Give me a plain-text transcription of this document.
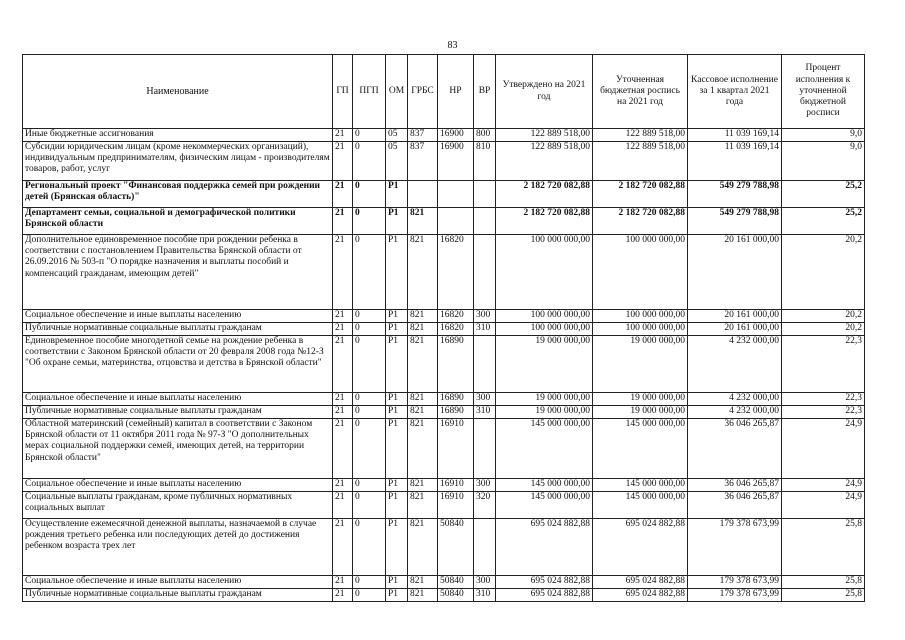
83
Наименование	ГП	ПГП	ОМ	ГРБС	НР	ВР	Утверждено на 2021 год	Уточненная бюджетная роспись на 2021 год	Кассовое исполнение за 1 квартал 2021 года	Процент исполнения к уточненной бюджетной росписи
Иные бюджетные ассигнования	21	0	05	837	16900	800	122 889 518,00	122 889 518,00	11 039 169,14	9,0
Субсидии юридическим лицам (кроме некоммерческих организаций), индивидуальным предпринимателям, физическим лицам - производителям товаров, работ, услуг	21	0	05	837	16900	810	122 889 518,00	122 889 518,00	11 039 169,14	9,0
Региональный проект "Финансовая поддержка семей при рождении детей (Брянская область)"	21	0	P1				2 182 720 082,88	2 182 720 082,88	549 279 788,98	25,2
Департамент семьи, социальной и демографической политики Брянской области	21	0	P1	821			2 182 720 082,88	2 182 720 082,88	549 279 788,98	25,2
Дополнительное единовременное пособие при рождении ребенка в соответствии с постановлением Правительства Брянской области от 26.09.2016 № 503-п "О порядке назначения и выплаты пособий и компенсаций гражданам, имеющим детей"	21	0	P1	821	16820		100 000 000,00	100 000 000,00	20 161 000,00	20,2
Социальное обеспечение и иные выплаты населению	21	0	P1	821	16820	300	100 000 000,00	100 000 000,00	20 161 000,00	20,2
Публичные нормативные социальные выплаты гражданам	21	0	P1	821	16820	310	100 000 000,00	100 000 000,00	20 161 000,00	20,2
Единовременное пособие многодетной семье на рождение ребенка в соответствии с Законом Брянской области от 20 февраля 2008 года №12-З "Об охране семьи, материнства, отцовства и детства в Брянской области"	21	0	P1	821	16890		19 000 000,00	19 000 000,00	4 232 000,00	22,3
Социальное обеспечение и иные выплаты населению	21	0	P1	821	16890	300	19 000 000,00	19 000 000,00	4 232 000,00	22,3
Публичные нормативные социальные выплаты гражданам	21	0	P1	821	16890	310	19 000 000,00	19 000 000,00	4 232 000,00	22,3
Областной материнский (семейный) капитал в соответствии с Законом Брянской области от 11 октября 2011 года № 97-З "О дополнительных мерах социальной поддержки семей, имеющих детей, на территории Брянской области"	21	0	P1	821	16910		145 000 000,00	145 000 000,00	36 046 265,87	24,9
Социальное обеспечение и иные выплаты населению	21	0	P1	821	16910	300	145 000 000,00	145 000 000,00	36 046 265,87	24,9
Социальные выплаты гражданам, кроме публичных нормативных социальных выплат	21	0	P1	821	16910	320	145 000 000,00	145 000 000,00	36 046 265,87	24,9
Осуществление ежемесячной денежной выплаты, назначаемой в случае рождения третьего ребенка или последующих детей до достижения ребенком возраста трех лет	21	0	P1	821	50840		695 024 882,88	695 024 882,88	179 378 673,99	25,8
Социальное обеспечение и иные выплаты населению	21	0	P1	821	50840	300	695 024 882,88	695 024 882,88	179 378 673,99	25,8
Публичные нормативные социальные выплаты гражданам	21	0	P1	821	50840	310	695 024 882,88	695 024 882,88	179 378 673,99	25,8
